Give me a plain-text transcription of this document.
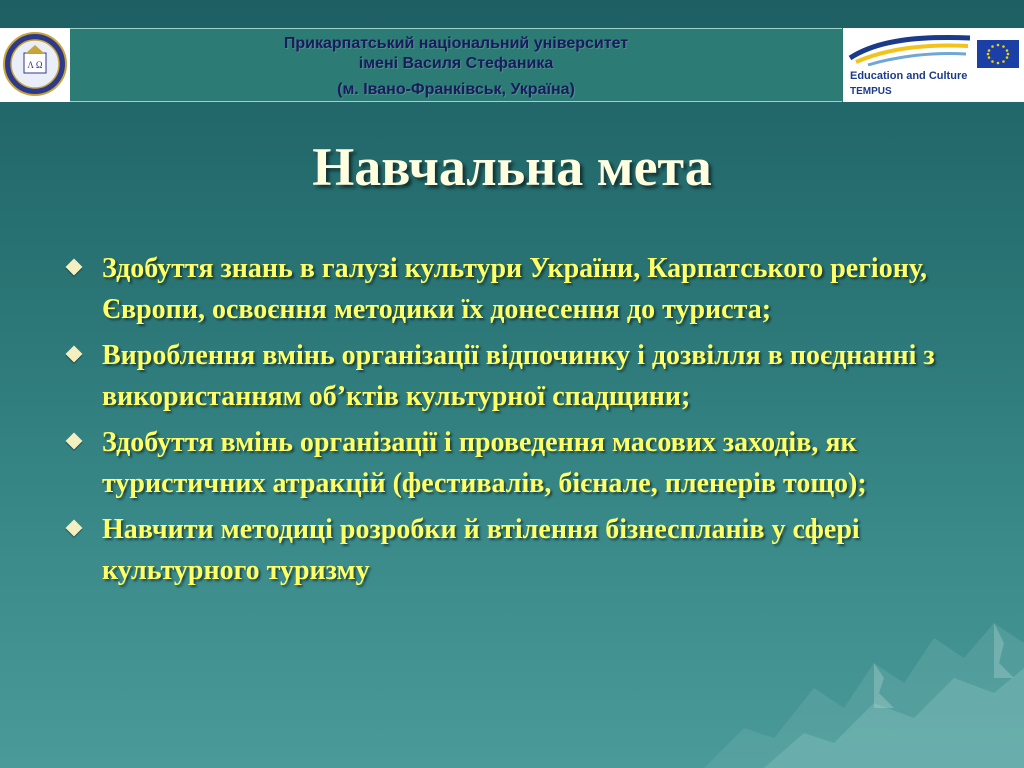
Λ Ω
Прикарпатський національний університет
імені Василя Стефаника
(м. Івано-Франківськ, Україна)
Education and Culture
TEMPUS
Навчальна мета
Здобуття знань в галузі культури України, Карпатського регіону, Європи, освоєння методики їх донесення до туриста;
Вироблення вмінь організації відпочинку і дозвілля в поєднанні з використанням об’ктів культурної спадщини;
Здобуття вмінь організації і проведення масових заходів, як туристичних атракцій (фестивалів, бієнале, пленерів тощо);
Навчити методиці розробки й втілення бізнеспланів у сфері культурного туризму
